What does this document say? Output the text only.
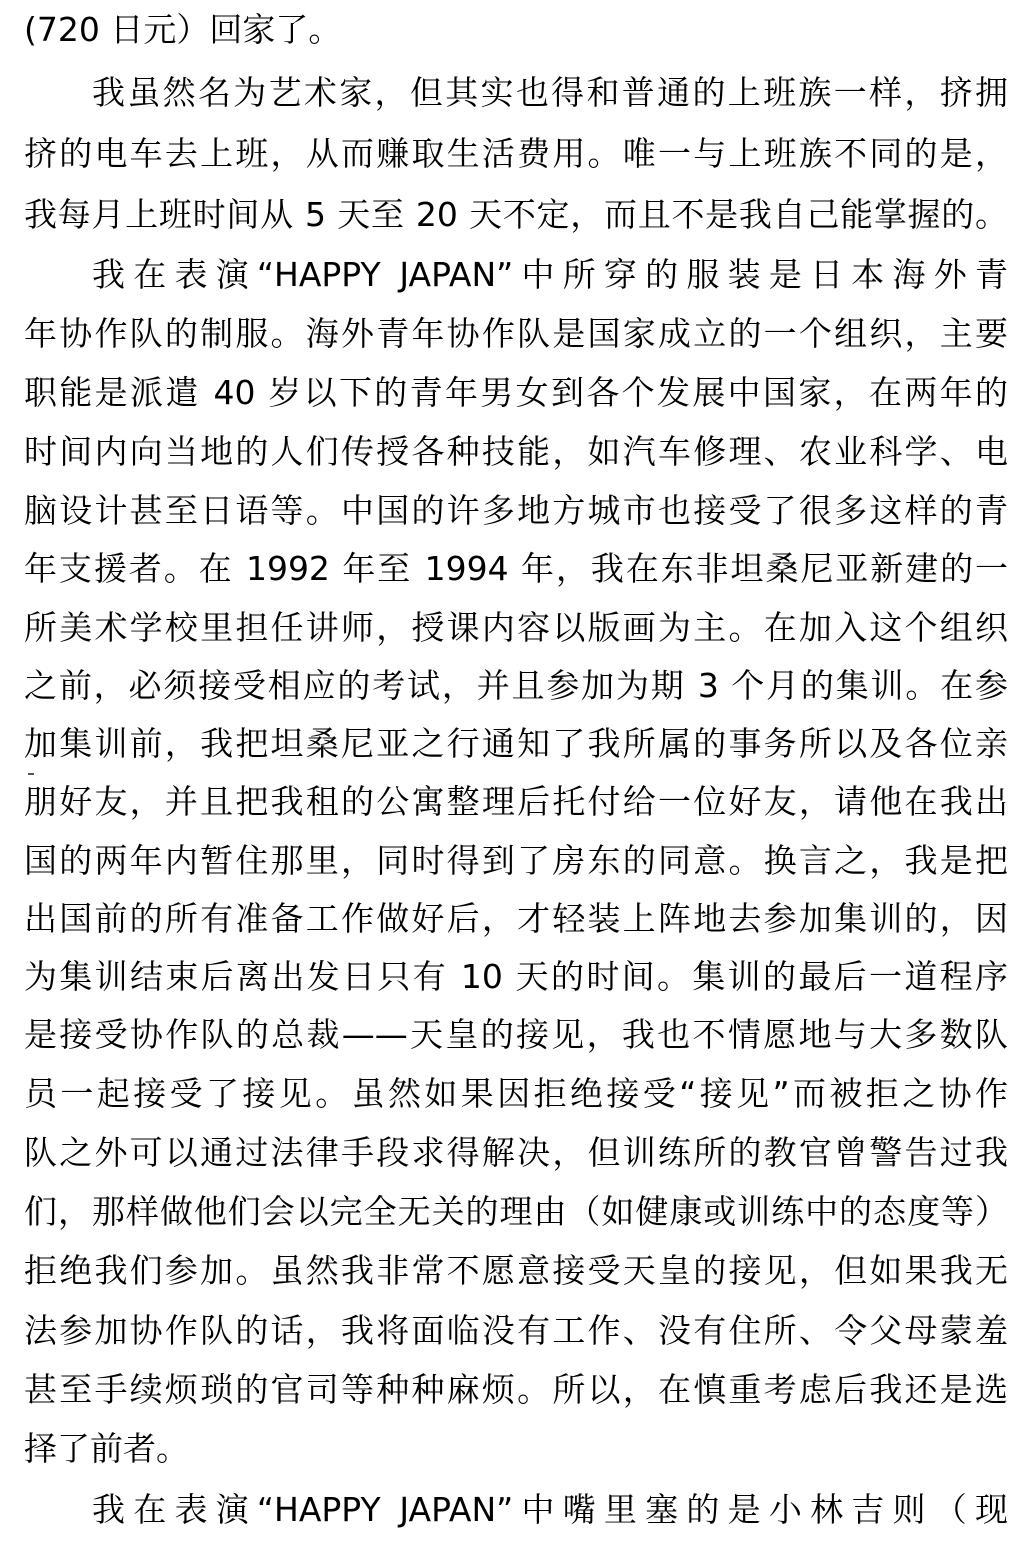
(720 日元）回家了。
我虽然名为艺术家，但其实也得和普通的上班族一样，挤拥
挤的电车去上班，从而赚取生活费用。唯一与上班族不同的是，
我每月上班时间从 5 天至 20 天不定，而且不是我自己能掌握的。
我在表演“HAPPY JAPAN”中所穿的服装是日本海外青
年协作队的制服。海外青年协作队是国家成立的一个组织，主要
职能是派遣 40 岁以下的青年男女到各个发展中国家，在两年的
时间内向当地的人们传授各种技能，如汽车修理、农业科学、电
脑设计甚至日语等。中国的许多地方城市也接受了很多这样的青
年支援者。在 1992 年至 1994 年，我在东非坦桑尼亚新建的一
所美术学校里担任讲师，授课内容以版画为主。在加入这个组织
之前，必须接受相应的考试，并且参加为期 3 个月的集训。在参
加集训前，我把坦桑尼亚之行通知了我所属的事务所以及各位亲
朋好友，并且把我租的公寓整理后托付给一位好友，请他在我出
国的两年内暂住那里，同时得到了房东的同意。换言之，我是把
出国前的所有准备工作做好后，才轻装上阵地去参加集训的，因
为集训结束后离出发日只有 10 天的时间。集训的最后一道程序
是接受协作队的总裁——天皇的接见，我也不情愿地与大多数队
员一起接受了接见。虽然如果因拒绝接受“接见”而被拒之协作
队之外可以通过法律手段求得解决，但训练所的教官曾警告过我
们，那样做他们会以完全无关的理由（如健康或训练中的态度等）
拒绝我们参加。虽然我非常不愿意接受天皇的接见，但如果我无
法参加协作队的话，我将面临没有工作、没有住所、令父母蒙羞
甚至手续烦琐的官司等种种麻烦。所以，在慎重考虑后我还是选
择了前者。
我在表演“HAPPY JAPAN”中嘴里塞的是小林吉则（现
